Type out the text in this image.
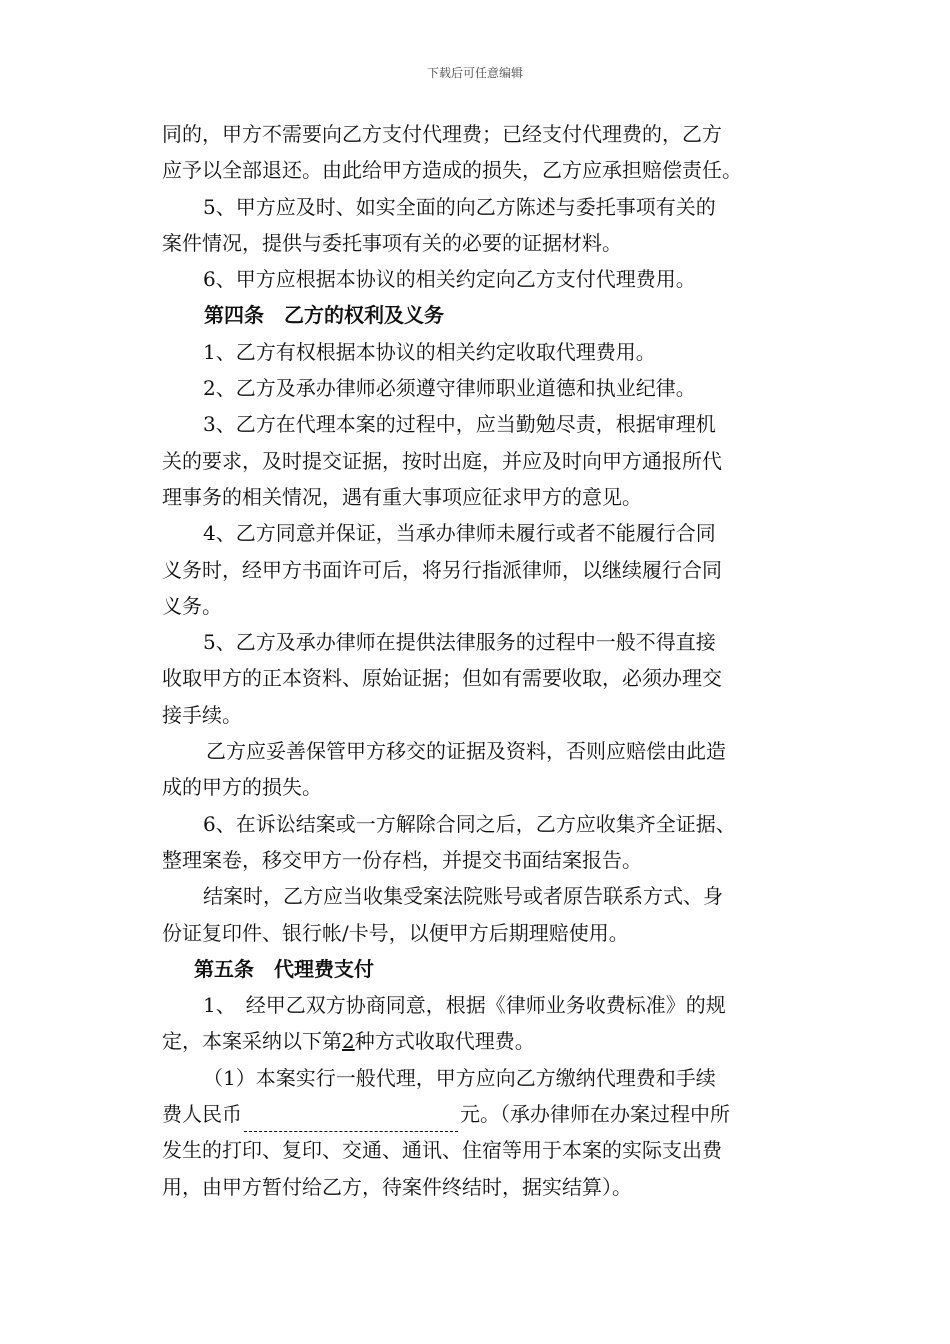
下载后可任意编辑
同的，甲方不需要向乙方支付代理费；已经支付代理费的，乙方
应予以全部退还。由此给甲方造成的损失，乙方应承担赔偿责任。
5、甲方应及时、如实全面的向乙方陈述与委托事项有关的
案件情况，提供与委托事项有关的必要的证据材料。
6、甲方应根据本协议的相关约定向乙方支付代理费用。
第四条　乙方的权利及义务
1、乙方有权根据本协议的相关约定收取代理费用。
2、乙方及承办律师必须遵守律师职业道德和执业纪律。
3、乙方在代理本案的过程中，应当勤勉尽责，根据审理机
关的要求，及时提交证据，按时出庭，并应及时向甲方通报所代
理事务的相关情况，遇有重大事项应征求甲方的意见。
4、乙方同意并保证，当承办律师未履行或者不能履行合同
义务时，经甲方书面许可后，将另行指派律师，以继续履行合同
义务。
5、乙方及承办律师在提供法律服务的过程中一般不得直接
收取甲方的正本资料、原始证据；但如有需要收取，必须办理交
接手续。
乙方应妥善保管甲方移交的证据及资料，否则应赔偿由此造
成的甲方的损失。
6、在诉讼结案或一方解除合同之后，乙方应收集齐全证据、
整理案卷，移交甲方一份存档，并提交书面结案报告。
结案时，乙方应当收集受案法院账号或者原告联系方式、身
份证复印件、银行帐/卡号，以便甲方后期理赔使用。
第五条　代理费支付
1、　经甲乙双方协商同意，根据《律师业务收费标准》的规
定，本案采纳以下第2种方式收取代理费。
（1）本案实行一般代理，甲方应向乙方缴纳代理费和手续
费人民币	元。（承办律师在办案过程中所
发生的打印、复印、交通、通讯、住宿等用于本案的实际支出费
用，由甲方暂付给乙方，待案件终结时，据实结算）。
